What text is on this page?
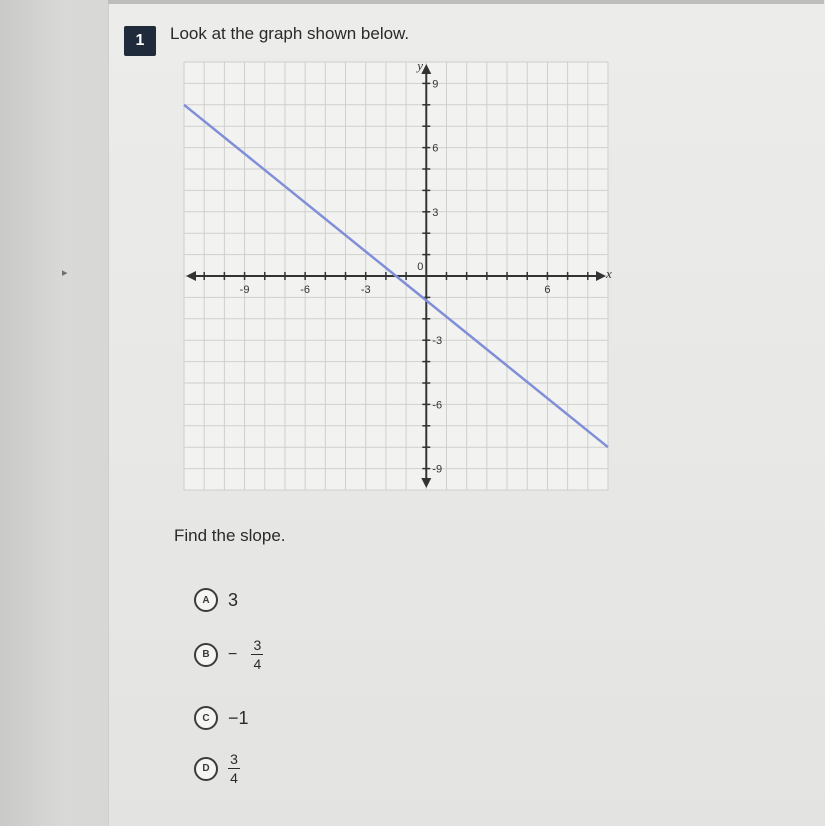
▸
1	Look at the graph shown below.
-9	-6	-3	6
9
6
3
-3
-6
-9
0	x
y
Find the slope.
A	3
B	− $\frac{3}{4}$
C	−1
D	$\frac{3}{4}$
